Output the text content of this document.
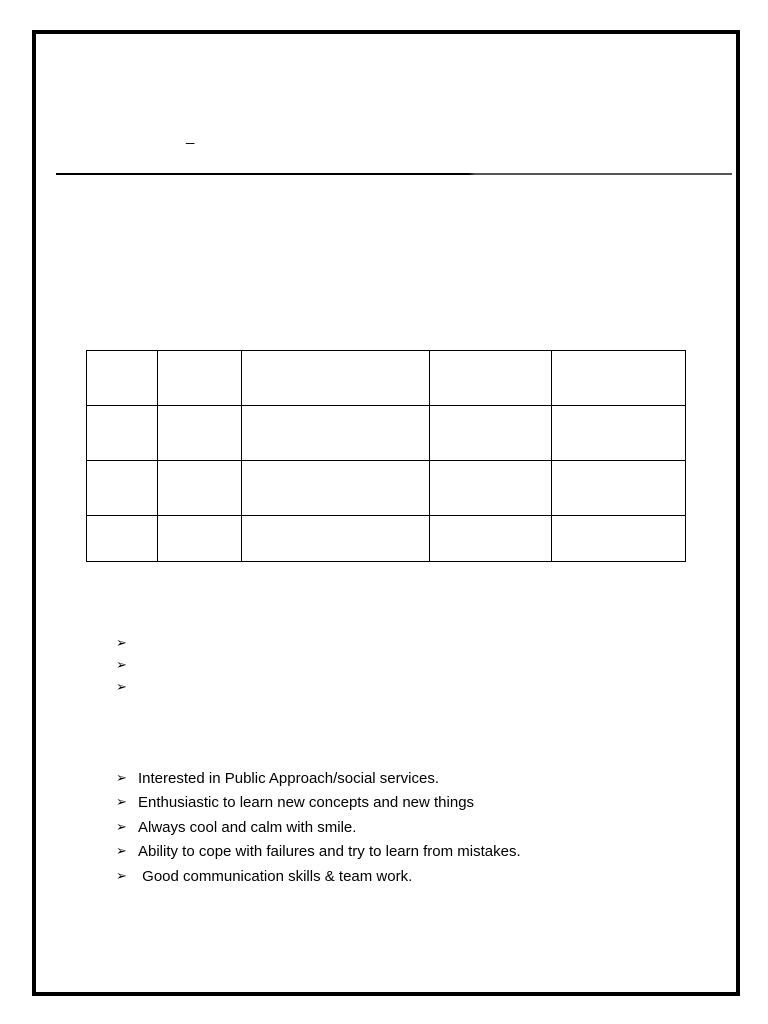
_

➢
➢
➢
➢ Interested in Public Approach/social services.
➢ Enthusiastic to learn new concepts and new things
➢ Always cool and calm with smile.
➢ Ability to cope with failures and try to learn from mistakes.
➢ Good communication skills & team work.
